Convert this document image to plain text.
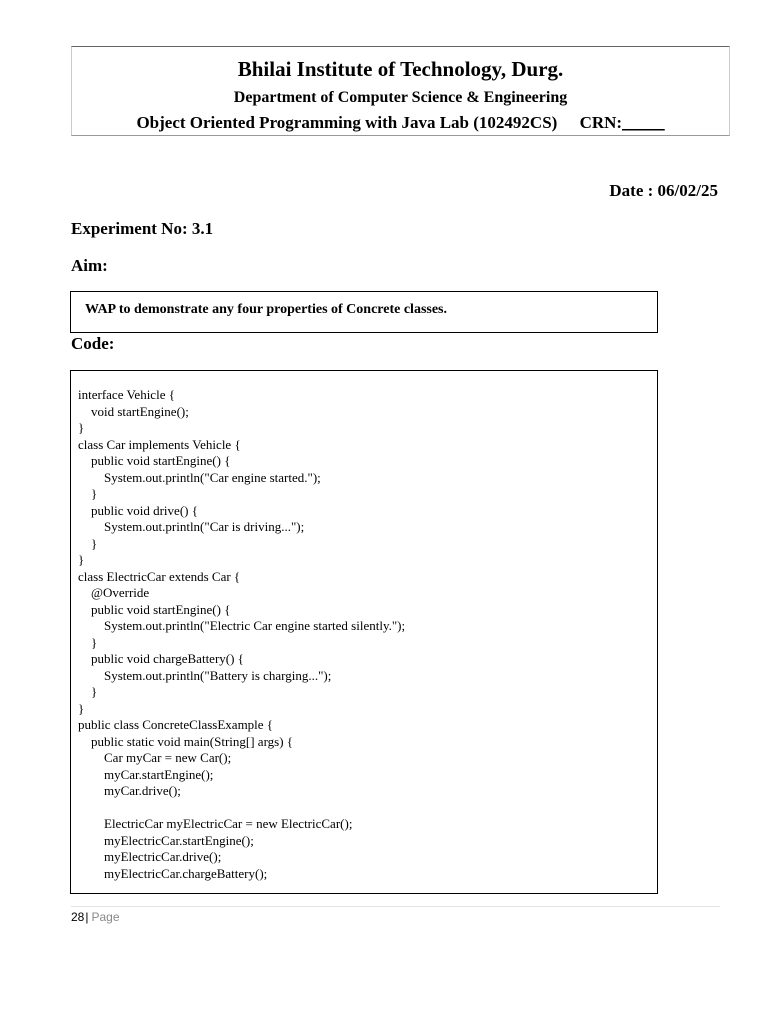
Bhilai Institute of Technology, Durg.
Department of Computer Science & Engineering
Object Oriented Programming with Java Lab (102492CS) CRN:_____
Date : 06/02/25
Experiment No: 3.1
Aim:
WAP to demonstrate any four properties of Concrete classes.
Code:
interface Vehicle {
void startEngine();
}
class Car implements Vehicle {
public void startEngine() {
System.out.println("Car engine started.");
}
public void drive() {
System.out.println("Car is driving...");
}
}
class ElectricCar extends Car {
@Override
public void startEngine() {
System.out.println("Electric Car engine started silently.");
}
public void chargeBattery() {
System.out.println("Battery is charging...");
}
}
public class ConcreteClassExample {
public static void main(String[] args) {
Car myCar = new Car();
myCar.startEngine();
myCar.drive();

ElectricCar myElectricCar = new ElectricCar();
myElectricCar.startEngine();
myElectricCar.drive();
myElectricCar.chargeBattery();
28| Page
